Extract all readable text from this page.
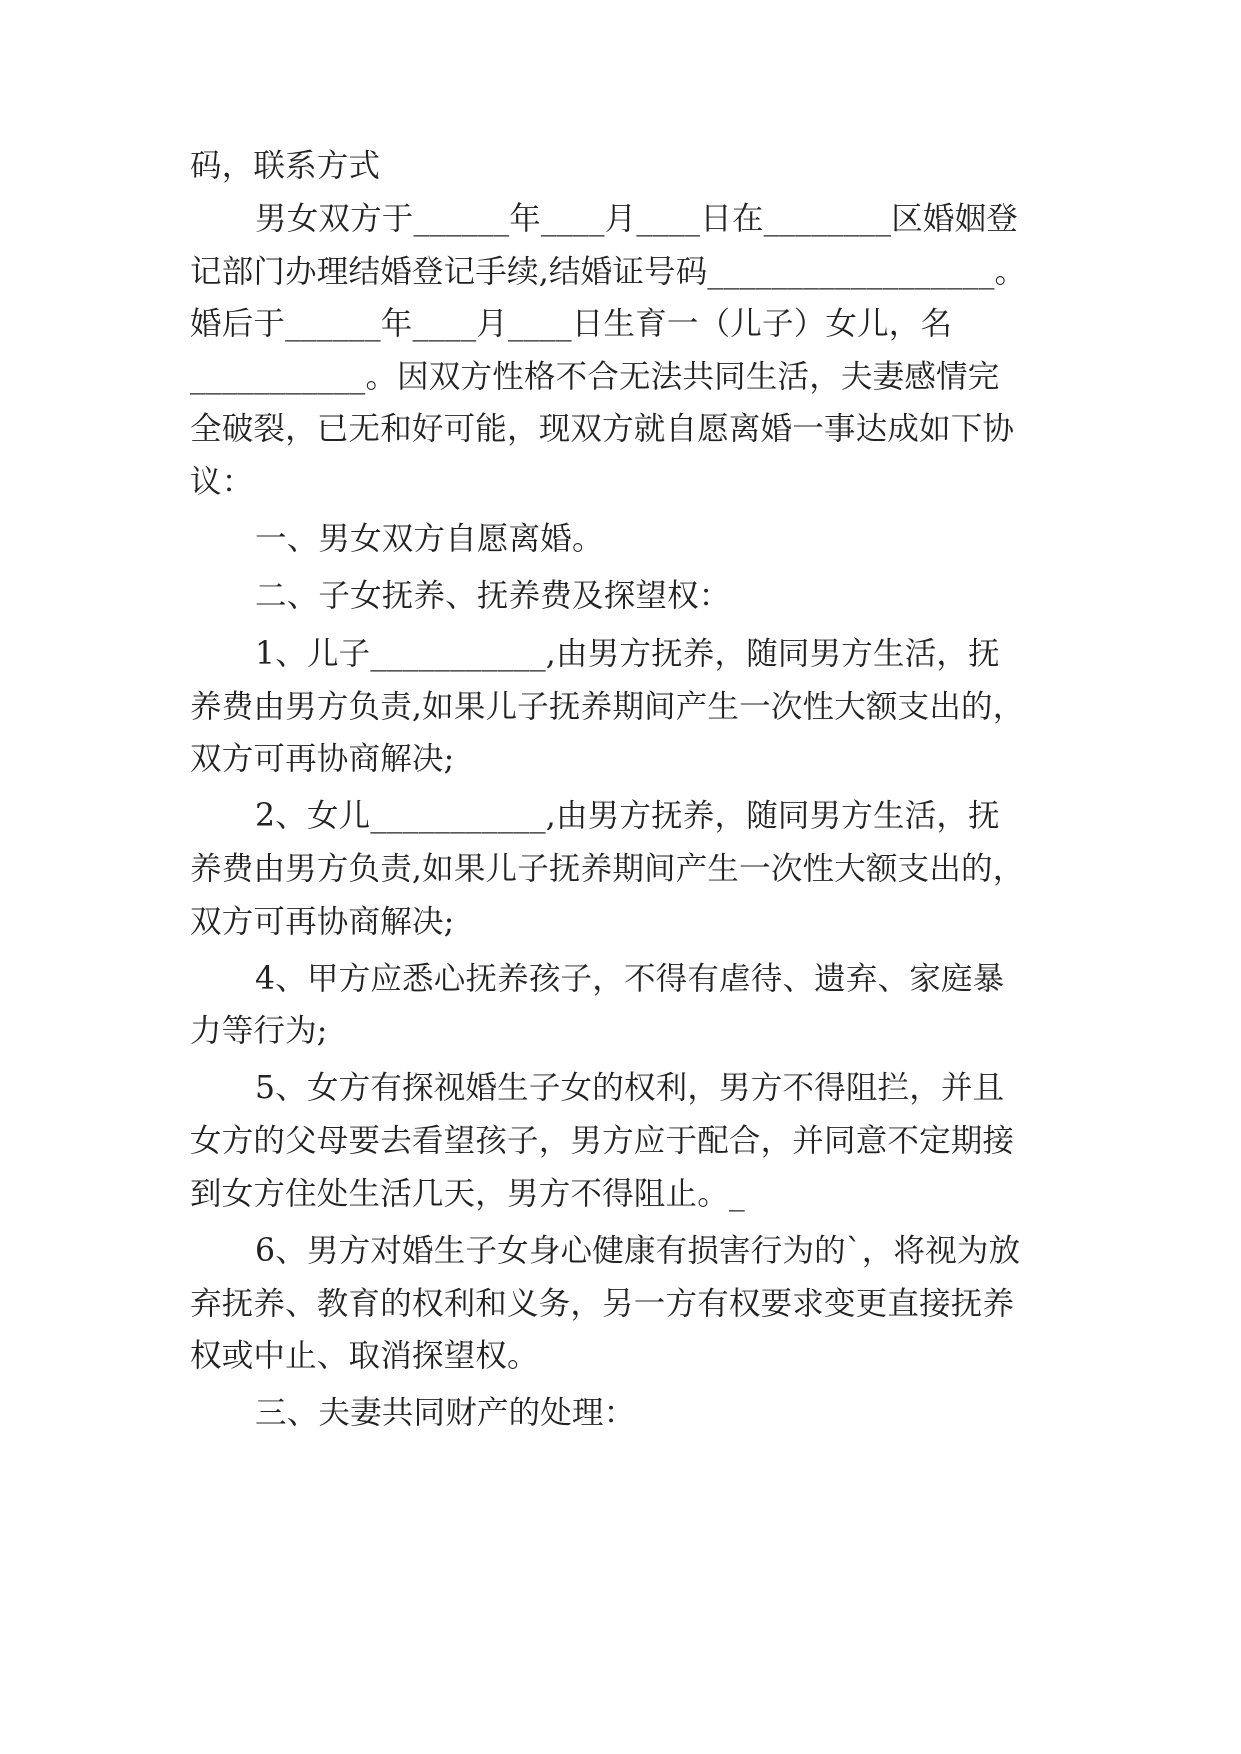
码，联系方式
男女双方于______年____月____日在________区婚姻登
记部门办理结婚登记手续,结婚证号码__________________。
婚后于______年____月____日生育一（儿子）女儿，名
___________。因双方性格不合无法共同生活，夫妻感情完
全破裂，已无和好可能，现双方就自愿离婚一事达成如下协
议：
一、男女双方自愿离婚。
二、子女抚养、抚养费及探望权：
1、儿子___________,由男方抚养，随同男方生活，抚
养费由男方负责,如果儿子抚养期间产生一次性大额支出的，
双方可再协商解决;
2、女儿___________,由男方抚养，随同男方生活，抚
养费由男方负责,如果儿子抚养期间产生一次性大额支出的，
双方可再协商解决;
4、甲方应悉心抚养孩子，不得有虐待、遗弃、家庭暴
力等行为;
5、女方有探视婚生子女的权利，男方不得阻拦，并且
女方的父母要去看望孩子，男方应于配合，并同意不定期接
到女方住处生活几天，男方不得阻止。_
6、男方对婚生子女身心健康有损害行为的`，将视为放
弃抚养、教育的权利和义务，另一方有权要求变更直接抚养
权或中止、取消探望权。
三、夫妻共同财产的处理：
